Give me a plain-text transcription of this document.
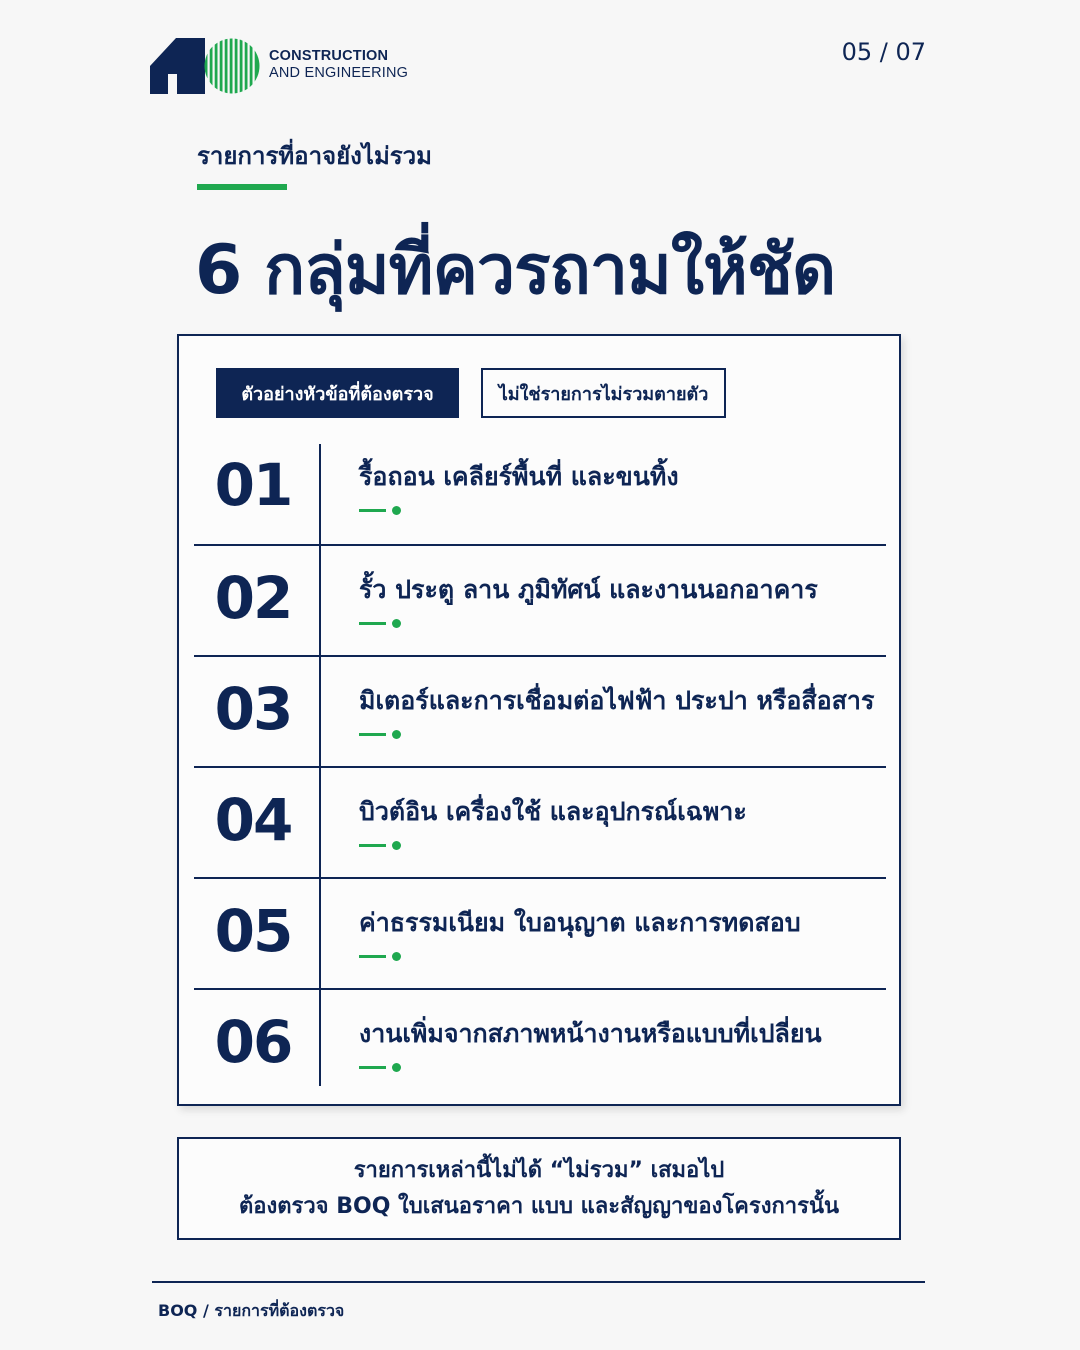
CONSTRUCTION
AND ENGINEERING
05 / 07
รายการที่อาจยังไม่รวม
6 กลุ่มที่ควรถามให้ชัด
ตัวอย่างหัวข้อที่ต้องตรวจ	ไม่ใช่รายการไม่รวมตายตัว
01	รื้อถอน เคลียร์พื้นที่ และขนทิ้ง
02	รั้ว ประตู ลาน ภูมิทัศน์ และงานนอกอาคาร
03	มิเตอร์และการเชื่อมต่อไฟฟ้า ประปา หรือสื่อสาร
04	บิวต์อิน เครื่องใช้ และอุปกรณ์เฉพาะ
05	ค่าธรรมเนียม ใบอนุญาต และการทดสอบ
06	งานเพิ่มจากสภาพหน้างานหรือแบบที่เปลี่ยน
รายการเหล่านี้ไม่ได้ “ไม่รวม” เสมอไป
ต้องตรวจ BOQ ใบเสนอราคา แบบ และสัญญาของโครงการนั้น
BOQ / รายการที่ต้องตรวจ
